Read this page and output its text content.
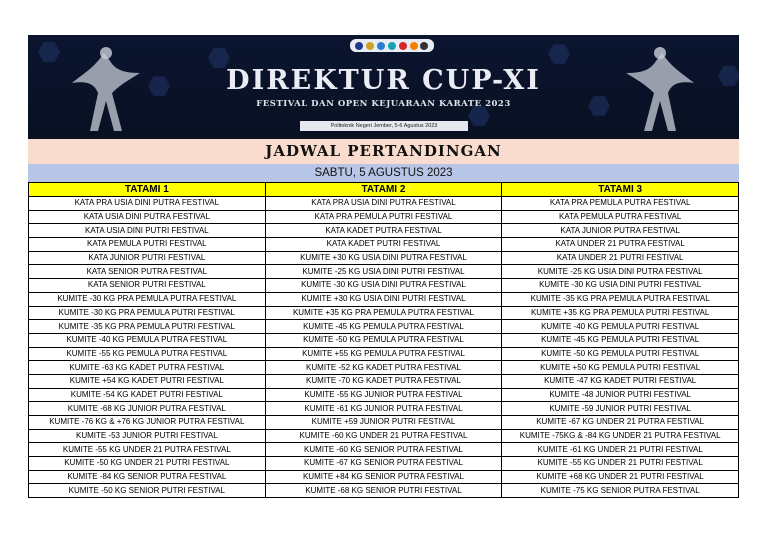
DIREKTUR CUP-XI
FESTIVAL DAN OPEN KEJUARAAN KARATE 2023
Politeknik Negeri Jember, 5-6 Agustus 2023
JADWAL PERTANDINGAN
SABTU, 5 AGUSTUS 2023
TATAMI 1	TATAMI 2	TATAMI 3
KATA PRA USIA DINI PUTRA FESTIVAL	KATA PRA USIA DINI PUTRA FESTIVAL	KATA PRA PEMULA PUTRA FESTIVAL
KATA USIA DINI PUTRA FESTIVAL	KATA PRA PEMULA PUTRI FESTIVAL	KATA PEMULA PUTRA FESTIVAL
KATA USIA DINI PUTRI FESTIVAL	KATA KADET PUTRA FESTIVAL	KATA JUNIOR PUTRA FESTIVAL
KATA PEMULA PUTRI FESTIVAL	KATA KADET PUTRI FESTIVAL	KATA UNDER 21 PUTRA FESTIVAL
KATA JUNIOR PUTRI FESTIVAL	KUMITE +30 KG USIA DINI PUTRA FESTIVAL	KATA UNDER 21 PUTRI FESTIVAL
KATA SENIOR PUTRA FESTIVAL	KUMITE -25 KG USIA DINI PUTRI FESTIVAL	KUMITE -25 KG USIA DINI PUTRA FESTIVAL
KATA SENIOR PUTRI FESTIVAL	KUMITE -30 KG USIA DINI PUTRA FESTIVAL	KUMITE -30 KG USIA DINI PUTRI FESTIVAL
KUMITE -30 KG PRA PEMULA PUTRA FESTIVAL	KUMITE +30 KG USIA DINI PUTRI FESTIVAL	KUMITE -35 KG PRA PEMULA PUTRA FESTIVAL
KUMITE -30 KG PRA PEMULA PUTRI FESTIVAL	KUMITE +35 KG PRA PEMULA PUTRA FESTIVAL	KUMITE +35 KG PRA PEMULA PUTRI FESTIVAL
KUMITE -35 KG PRA PEMULA PUTRI FESTIVAL	KUMITE -45 KG PEMULA PUTRA FESTIVAL	KUMITE -40 KG PEMULA PUTRI FESTIVAL
KUMITE -40 KG PEMULA PUTRA FESTIVAL	KUMITE -50 KG PEMULA PUTRA FESTIVAL	KUMITE -45 KG PEMULA PUTRI FESTIVAL
KUMITE -55 KG PEMULA PUTRA FESTIVAL	KUMITE +55 KG PEMULA PUTRA FESTIVAL	KUMITE -50 KG PEMULA PUTRI FESTIVAL
KUMITE -63 KG KADET PUTRA FESTIVAL	KUMITE -52 KG KADET PUTRA FESTIVAL	KUMITE +50 KG PEMULA PUTRI FESTIVAL
KUMITE +54 KG KADET PUTRI FESTIVAL	KUMITE -70 KG KADET PUTRA FESTIVAL	KUMITE -47 KG KADET PUTRI FESTIVAL
KUMITE -54 KG KADET PUTRI FESTIVAL	KUMITE -55 KG JUNIOR PUTRA FESTIVAL	KUMITE -48 JUNIOR PUTRI FESTIVAL
KUMITE -68 KG JUNIOR PUTRA FESTIVAL	KUMITE -61 KG JUNIOR PUTRA FESTIVAL	KUMITE -59 JUNIOR PUTRI FESTIVAL
KUMITE -76 KG & +76 KG JUNIOR PUTRA FESTIVAL	KUMITE +59 JUNIOR PUTRI FESTIVAL	KUMITE -67 KG UNDER 21 PUTRA FESTIVAL
KUMITE -53 JUNIOR PUTRI FESTIVAL	KUMITE -60 KG UNDER 21 PUTRA FESTIVAL	KUMITE -75KG & -84 KG UNDER 21 PUTRA FESTIVAL
KUMITE -55 KG UNDER 21 PUTRA FESTIVAL	KUMITE -60 KG SENIOR PUTRA FESTIVAL	KUMITE -61 KG UNDER 21 PUTRI FESTIVAL
KUMITE -50 KG UNDER 21 PUTRI FESTIVAL	KUMITE -67 KG SENIOR PUTRA FESTIVAL	KUMITE -55 KG UNDER 21 PUTRI FESTIVAL
KUMITE -84 KG SENIOR PUTRA FESTIVAL	KUMITE +84 KG SENIOR PUTRA FESTIVAL	KUMITE +68 KG UNDER 21 PUTRI FESTIVAL
KUMITE -50 KG SENIOR PUTRI FESTIVAL	KUMITE -68 KG SENIOR PUTRI FESTIVAL	KUMITE -75 KG SENIOR PUTRA FESTIVAL
